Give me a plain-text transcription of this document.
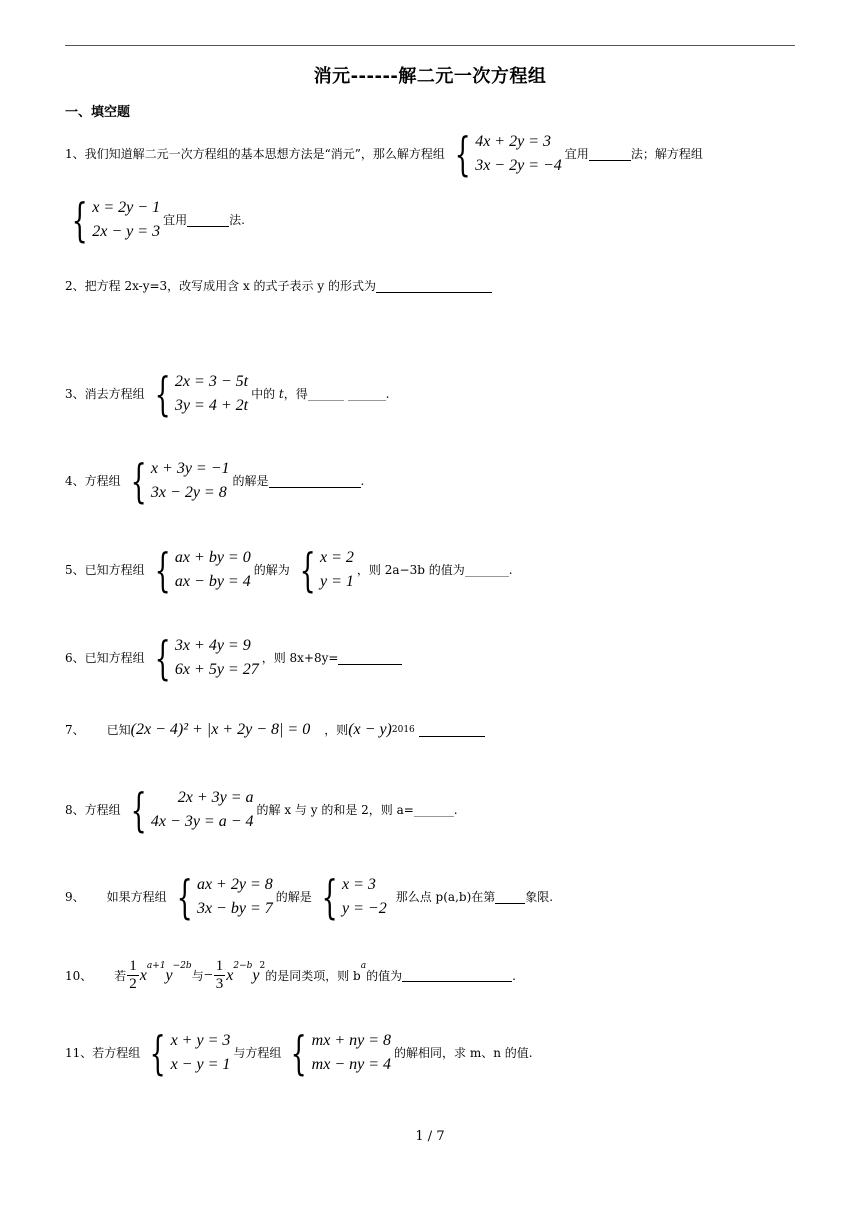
消元------解二元一次方程组
一、填空题
1、我们知道解二元一次方程组的基本思想方法是“消元”，那么解方程组 { 4x + 2y = 3
3x − 2y = −4
宜用	法；解方程组
{ x = 2y − 1
2x − y = 3
宜用	法.
2、把方程 2x-y=3，改写成用含 x 的式子表示 y 的形式为
3、消去方程组 { 2x = 3 − 5t
3y = 4 + 2t
中的
t ，得
	.
4、方程组 { x + 3y = −1
3x − 2y = 8
的解是	.
5、已知方程组 { ax + by = 0
ax − by = 4
的解为 { x = 2
y = 1
，则 2a−3b 的值为	.
6、已知方程组 { 3x + 4y = 9
6x + 5y = 27
，则 8x+8y=
7、 已知 (2x − 4)² + |x + 2y − 8| = 0 ，则 (x − y) 2016
8、方程组 { 2x + 3y = a
4x − 3y = a − 4
的解 x 与 y 的和是 2，则 a=	.
9、 如果方程组 { ax + 2y = 8
3x − by = 7
的解是 { x = 3
y = −2
那么点 p(a,b)在第	象限.
10、 若 $\frac{1}{2}$ x
$^{a+1}$
y
$^{-2b}$
与 − $\frac{1}{3}$ x
$^{2-b}$
y
$^2$
的是同类项，则 b
$^a$
的值为	.
11、若方程组 { x + y = 3
x − y = 1
与方程组 { mx + ny = 8
mx − ny = 4
的解相同，求 m、n 的值.
1 / 7
